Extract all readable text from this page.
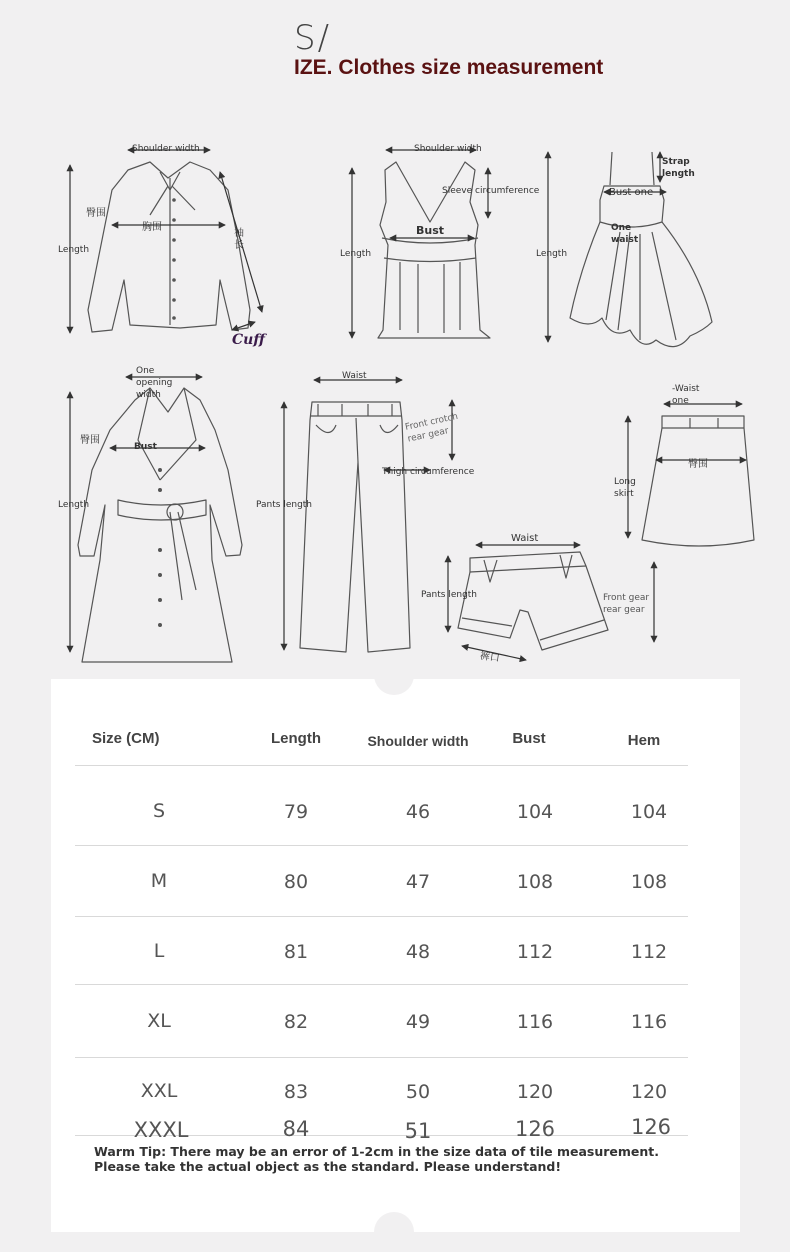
S/
IZE. Clothes size measurement
Shoulder width
臀围
胸围
Length
袖长
Cuff
Shoulder width
Sleeve circumference
Bust
Length
Strap length
Bust one
One waist
Length
One opening width
臀围
Bust
Length
Waist
Front crotch rear gear
Thigh circumference
Pants length
Waist
Pants length	Front gear rear gear
裤口
-Waist one
臀围
Long skirt
Size (CM)	Length	Shoulder width	Bust	Hem
S	79	46	104	104
M	80	47	108	108
L	81	48	112	112
XL	82	49	116	116
XXL	83	50	120	120
XXXL	84	51	126	126
Warm Tip: There may be an error of 1-2cm in the size data of tile measurement. Please take the actual object as the standard. Please understand!
